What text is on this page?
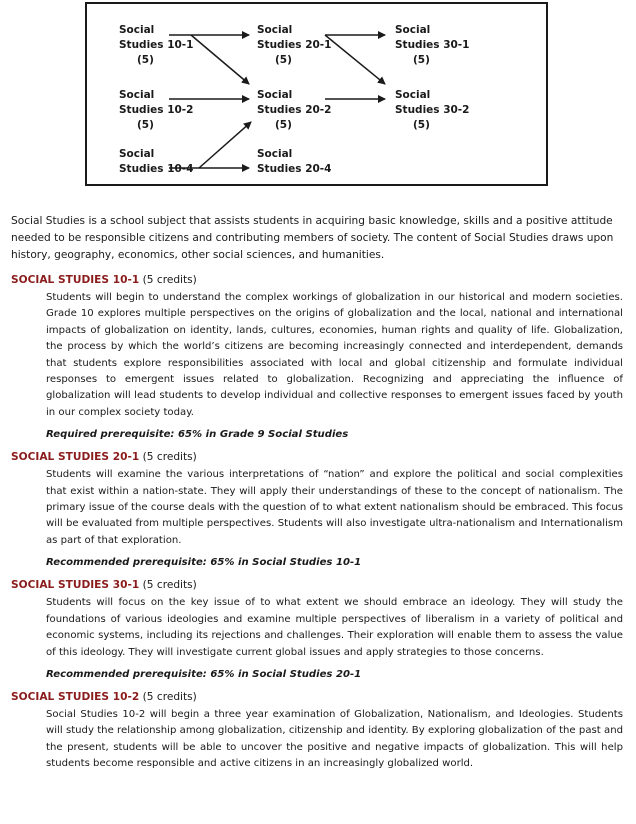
Social
Studies 10-1
(5)
Social
Studies 20-1
(5)
Social
Studies 30-1
(5)
Social
Studies 10-2
(5)
Social
Studies 20-2
(5)
Social
Studies 30-2
(5)
Social
Studies 10-4
Social
Studies 20-4
Social Studies is a school subject that assists students in acquiring basic knowledge, skills and a positive attitude needed to be responsible citizens and contributing members of society. The content of Social Studies draws upon history, geography, economics, other social sciences, and humanities.
SOCIAL STUDIES 10-1 (5 credits)
Students will begin to understand the complex workings of globalization in our historical and modern societies. Grade 10 explores multiple perspectives on the origins of globalization and the local, national and international impacts of globalization on identity, lands, cultures, economies, human rights and quality of life. Globalization, the process by which the world’s citizens are becoming increasingly connected and interdependent, demands that students explore responsibilities associated with local and global citizenship and formulate individual responses to emergent issues related to globalization. Recognizing and appreciating the influence of globalization will lead students to develop individual and collective responses to emergent issues faced by youth in our complex society today.
Required prerequisite: 65% in Grade 9 Social Studies
SOCIAL STUDIES 20-1 (5 credits)
Students will examine the various interpretations of “nation” and explore the political and social complexities that exist within a nation-state. They will apply their understandings of these to the concept of nationalism. The primary issue of the course deals with the question of to what extent nationalism should be embraced. This focus will be evaluated from multiple perspectives. Students will also investigate ultra-nationalism and Internationalism as part of that exploration.
Recommended prerequisite: 65% in Social Studies 10-1
SOCIAL STUDIES 30-1 (5 credits)
Students will focus on the key issue of to what extent we should embrace an ideology. They will study the foundations of various ideologies and examine multiple perspectives of liberalism in a variety of political and economic systems, including its rejections and challenges. Their exploration will enable them to assess the value of this ideology. They will investigate current global issues and apply strategies to those concerns.
Recommended prerequisite: 65% in Social Studies 20-1
SOCIAL STUDIES 10-2 (5 credits)
Social Studies 10-2 will begin a three year examination of Globalization, Nationalism, and Ideologies. Students will study the relationship among globalization, citizenship and identity. By exploring globalization of the past and the present, students will be able to uncover the positive and negative impacts of globalization. This will help students become responsible and active citizens in an increasingly globalized world.
